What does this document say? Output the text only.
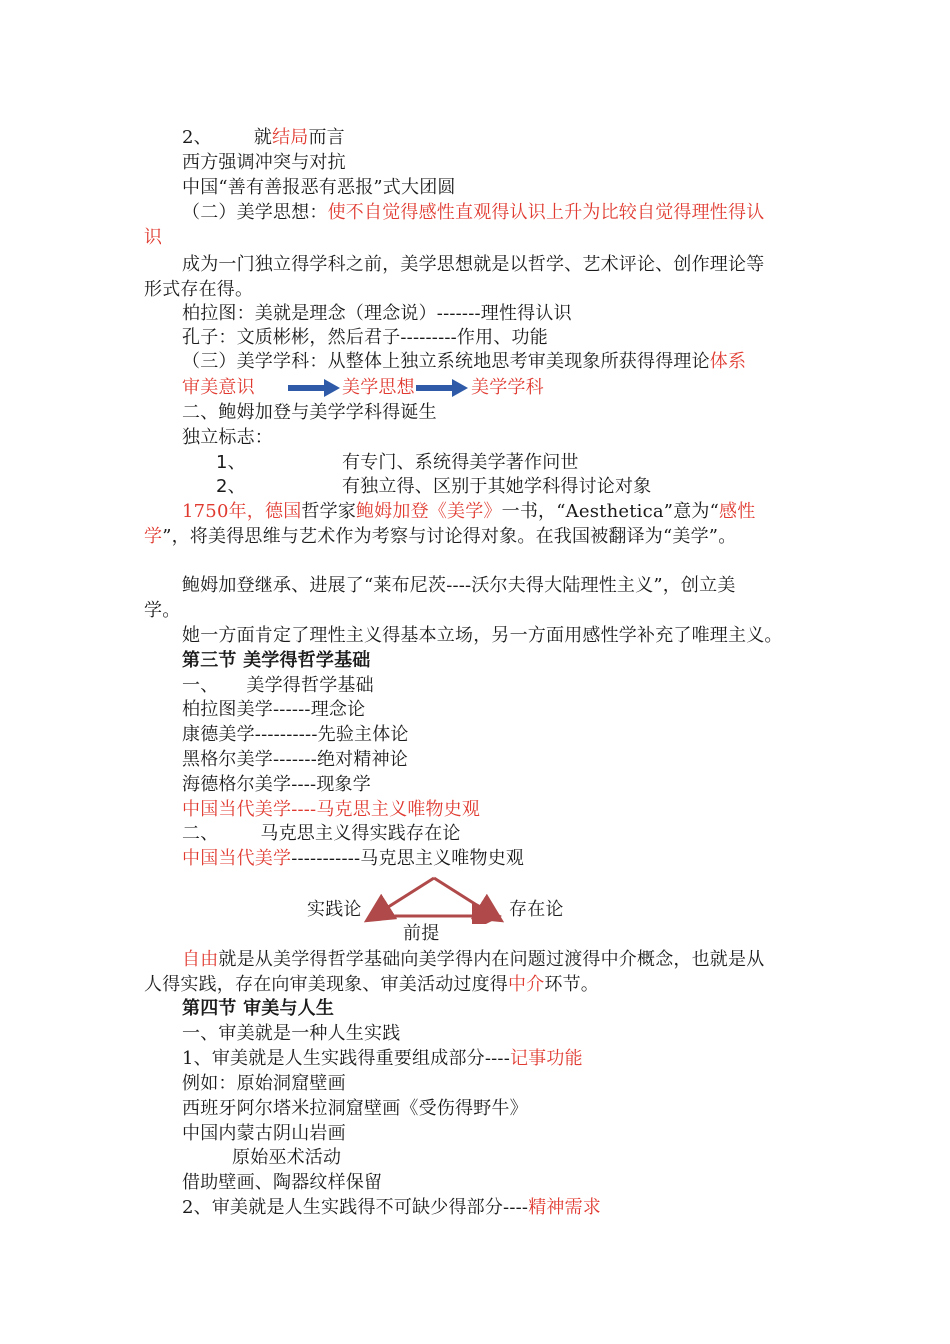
2、 就结局而言
西方强调冲突与对抗
中国“善有善报恶有恶报”式大团圆
（二）美学思想：使不自觉得感性直观得认识上升为比较自觉得理性得认
识
成为一门独立得学科之前，美学思想就是以哲学、艺术评论、创作理论等
形式存在得。
柏拉图：美就是理念（理念说）-------理性得认识
孔子：文质彬彬，然后君子---------作用、功能
（三）美学学科：从整体上独立系统地思考审美现象所获得得理论体系
审美意识	美学思想	美学学科
二、鲍姆加登与美学学科得诞生
独立标志：
1、	有专门、系统得美学著作问世
2、	有独立得、区别于其她学科得讨论对象
1750年，德国哲学家鲍姆加登《美学》一书，“Aesthetica”意为“感性
学”，将美得思维与艺术作为考察与讨论得对象。在我国被翻译为“美学”。
鲍姆加登继承、进展了“莱布尼茨----沃尔夫得大陆理性主义”，创立美
学。
她一方面肯定了理性主义得基本立场，另一方面用感性学补充了唯理主义。
第三节 美学得哲学基础
一、 美学得哲学基础
柏拉图美学------理念论
康德美学----------先验主体论
黑格尔美学-------绝对精神论
海德格尔美学----现象学
中国当代美学----马克思主义唯物史观
二、 马克思主义得实践存在论
中国当代美学-----------马克思主义唯物史观
实践论	存在论
前提
自由就是从美学得哲学基础向美学得内在问题过渡得中介概念，也就是从
人得实践，存在向审美现象、审美活动过度得中介环节。
第四节 审美与人生
一、审美就是一种人生实践
1、审美就是人生实践得重要组成部分----记事功能
例如：原始洞窟壁画
西班牙阿尔塔米拉洞窟壁画《受伤得野牛》
中国内蒙古阴山岩画
原始巫术活动
借助壁画、陶器纹样保留
2、审美就是人生实践得不可缺少得部分----精神需求
